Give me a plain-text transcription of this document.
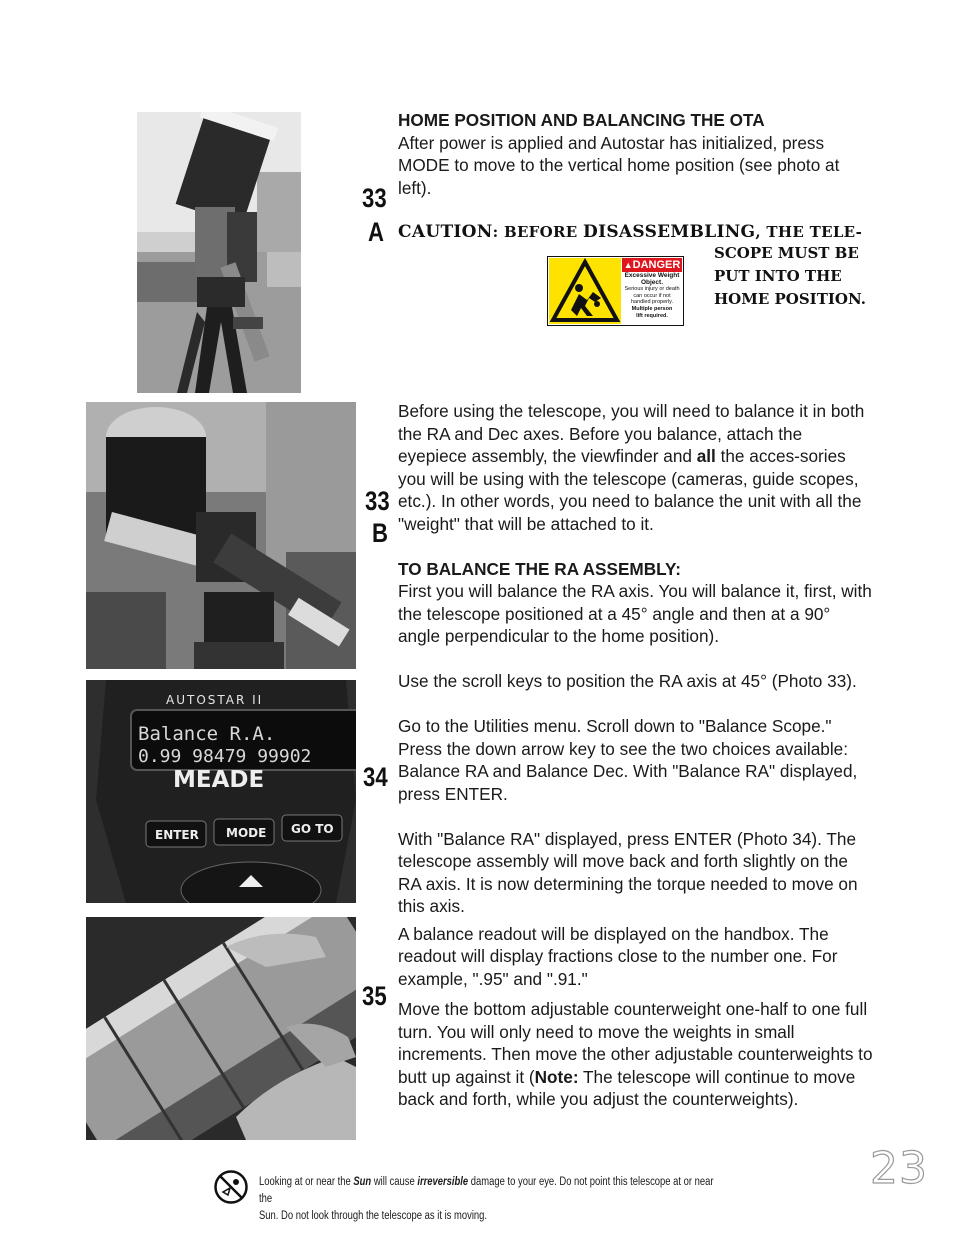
AUTOSTAR II
Balance R.A.
0.99 98479 99902
MEADE
ENTER MODE GO TO
33
A
33
B
34
35

HOME POSITION AND BALANCING THE OTA

After power is applied and Autostar has initialized, press MODE to move to the vertical home position (see photo at left).

CAUTION: BEFORE DISASSEMBLING, THE TELE-
SCOPE MUST BE
PUT INTO THE
HOME POSITION.
▲DANGER
Excessive Weight
Object.
Serious injury or death
can occur if not
handled properly.
Multiple person
lift required.

Before using the telescope, you will need to balance it in both the RA and Dec axes. Before you balance, attach the eyepiece assembly, the viewfinder and all the acces-sories you will be using with the telescope (cameras, guide scopes, etc.). In other words, you need to balance the unit with all the "weight" that will be attached to it.

TO BALANCE THE RA ASSEMBLY:

First you will balance the RA axis. You will balance it, first, with the telescope positioned at a 45° angle and then at a 90° angle perpendicular to the home position).

Use the scroll keys to position the RA axis at 45° (Photo 33).

Go to the Utilities menu. Scroll down to "Balance Scope." Press the down arrow key to see the two choices available: Balance RA and Balance Dec. With "Balance RA" displayed, press ENTER.

With "Balance RA" displayed, press ENTER (Photo 34). The telescope assembly will move back and forth slightly on the RA axis. It is now determining the torque needed to move on this axis.

A balance readout will be displayed on the handbox. The readout will display fractions close to the number one. For example, ".95" and ".91."

Move the bottom adjustable counterweight one-half to one full turn. You will only need to move the weights in small increments. Then move the other adjustable counterweights to butt up against it (Note: The telescope will continue to move back and forth, while you adjust the counterweights).

Looking at or near the Sun will cause irreversible damage to your eye. Do not point this telescope at or near the
Sun. Do not look through the telescope as it is moving.
23
